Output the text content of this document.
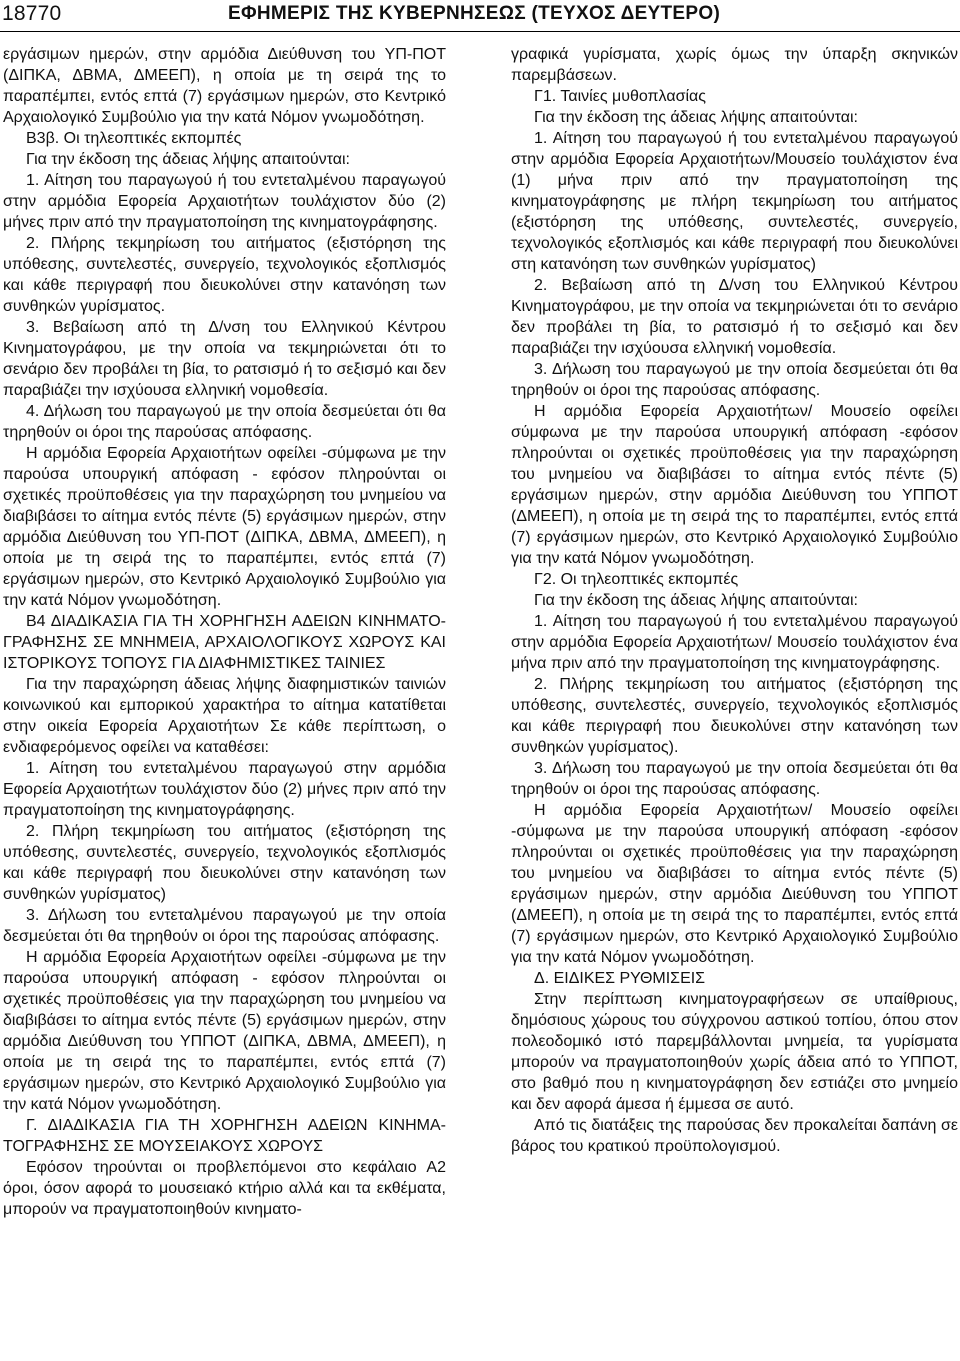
18770	ΕΦΗΜΕΡΙΣ ΤΗΣ ΚΥΒΕΡΝΗΣΕΩΣ (ΤΕΥΧΟΣ ΔΕΥΤΕΡΟ)

εργάσιμων ημερών, στην αρμόδια Διεύθυνση του ΥΠ-ΠΟΤ (ΔΙΠΚΑ, ΔΒΜΑ, ΔΜΕΕΠ), η οποία με τη σειρά της το παραπέμπει, εντός επτά (7) εργάσιμων ημερών, στο Κεντρικό Αρχαιολογικό Συμβούλιο για την κατά Νόμον γνωμοδότηση.

Β3β. Οι τηλεοπτικές εκπομπές

Για την έκδοση της άδειας λήψης απαιτούνται:

1. Αίτηση του παραγωγού ή του εντεταλμένου παραγωγού στην αρμόδια Εφορεία Αρχαιοτήτων τουλάχιστον δύο (2) μήνες πριν από την πραγματοποίηση της κινηματογράφησης.

2. Πλήρης τεκμηρίωση του αιτήματος (εξιστόρηση της υπόθεσης, συντελεστές, συνεργείο, τεχνολογικός εξοπλισμός και κάθε περιγραφή που διευκολύνει στην κατανόηση των συνθηκών γυρίσματος.

3. Βεβαίωση από τη Δ/νση του Ελληνικού Κέντρου Κινηματογράφου, με την οποία να τεκμηριώνεται ότι το σενάριο δεν προβάλει τη βία, το ρατσισμό ή το σεξισμό και δεν παραβιάζει την ισχύουσα ελληνική νομοθεσία.

4. Δήλωση του παραγωγού με την οποία δεσμεύεται ότι θα τηρηθούν οι όροι της παρούσας απόφασης.

Η αρμόδια Εφορεία Αρχαιοτήτων οφείλει -σύμφωνα με την παρούσα υπουργική απόφαση - εφόσον πληρούνται οι σχετικές προϋποθέσεις για την παραχώρηση του μνημείου να διαβιβάσει το αίτημα εντός πέντε (5) εργάσιμων ημερών, στην αρμόδια Διεύθυνση του ΥΠ-ΠΟΤ (ΔΙΠΚΑ, ΔΒΜΑ, ΔΜΕΕΠ), η οποία με τη σειρά της το παραπέμπει, εντός επτά (7) εργάσιμων ημερών, στο Κεντρικό Αρχαιολογικό Συμβούλιο για την κατά Νόμον γνωμοδότηση.

Β4 ΔΙΑΔΙΚΑΣΙΑ ΓΙΑ ΤΗ ΧΟΡΗΓΗΣΗ ΑΔΕΙΩΝ ΚΙΝΗΜΑΤΟ-ΓΡΑΦΗΣΗΣ ΣΕ ΜΝΗΜΕΙΑ, ΑΡΧΑΙΟΛΟΓΙΚΟΥΣ ΧΩΡΟΥΣ ΚΑΙ ΙΣΤΟΡΙΚΟΥΣ ΤΟΠΟΥΣ ΓΙΑ ΔΙΑΦΗΜΙΣΤΙΚΕΣ ΤΑΙΝΙΕΣ

Για την παραχώρηση άδειας λήψης διαφημιστικών ταινιών κοινωνικού και εμπορικού χαρακτήρα το αίτημα κατατίθεται στην οικεία Εφορεία Αρχαιοτήτων Σε κάθε περίπτωση, ο ενδιαφερόμενος οφείλει να καταθέσει:

1. Αίτηση του εντεταλμένου παραγωγού στην αρμόδια Εφορεία Αρχαιοτήτων τουλάχιστον δύο (2) μήνες πριν από την πραγματοποίηση της κινηματογράφησης.

2. Πλήρη τεκμηρίωση του αιτήματος (εξιστόρηση της υπόθεσης, συντελεστές, συνεργείο, τεχνολογικός εξοπλισμός και κάθε περιγραφή που διευκολύνει στην κατανόηση των συνθηκών γυρίσματος)

3. Δήλωση του εντεταλμένου παραγωγού με την οποία δεσμεύεται ότι θα τηρηθούν οι όροι της παρούσας απόφασης.

Η αρμόδια Εφορεία Αρχαιοτήτων οφείλει -σύμφωνα με την παρούσα υπουργική απόφαση - εφόσον πληρούνται οι σχετικές προϋποθέσεις για την παραχώρηση του μνημείου να διαβιβάσει το αίτημα εντός πέντε (5) εργάσιμων ημερών, στην αρμόδια Διεύθυνση του ΥΠΠΟΤ (ΔΙΠΚΑ, ΔΒΜΑ, ΔΜΕΕΠ), η οποία με τη σειρά της το παραπέμπει, εντός επτά (7) εργάσιμων ημερών, στο Κεντρικό Αρχαιολογικό Συμβούλιο για την κατά Νόμον γνωμοδότηση.

Γ. ΔΙΑΔΙΚΑΣΙΑ ΓΙΑ ΤΗ ΧΟΡΗΓΗΣΗ ΑΔΕΙΩΝ ΚΙΝΗΜΑ-ΤΟΓΡΑΦΗΣΗΣ ΣΕ ΜΟΥΣΕΙΑΚΟΥΣ ΧΩΡΟΥΣ

Εφόσον τηρούνται οι προβλεπόμενοι στο κεφάλαιο Α2 όροι, όσον αφορά το μουσειακό κτήριο αλλά και τα εκθέματα, μπορούν να πραγματοποιηθούν κινηματο-

γραφικά γυρίσματα, χωρίς όμως την ύπαρξη σκηνικών παρεμβάσεων.

Γ1. Ταινίες μυθοπλασίας

Για την έκδοση της άδειας λήψης απαιτούνται:

1. Αίτηση του παραγωγού ή του εντεταλμένου παραγωγού στην αρμόδια Εφορεία Αρχαιοτήτων/Μουσείο τουλάχιστον ένα (1) μήνα πριν από την πραγματοποίηση της κινηματογράφησης με πλήρη τεκμηρίωση του αιτήματος (εξιστόρηση της υπόθεσης, συντελεστές, συνεργείο, τεχνολογικός εξοπλισμός και κάθε περιγραφή που διευκολύνει στη κατανόηση των συνθηκών γυρίσματος)

2. Βεβαίωση από τη Δ/νση του Ελληνικού Κέντρου Κινηματογράφου, με την οποία να τεκμηριώνεται ότι το σενάριο δεν προβάλει τη βία, το ρατσισμό ή το σεξισμό και δεν παραβιάζει την ισχύουσα ελληνική νομοθεσία.

3. Δήλωση του παραγωγού με την οποία δεσμεύεται ότι θα τηρηθούν οι όροι της παρούσας απόφασης.

Η αρμόδια Εφορεία Αρχαιοτήτων/ Μουσείο οφείλει σύμφωνα με την παρούσα υπουργική απόφαση -εφόσον πληρούνται οι σχετικές προϋποθέσεις για την παραχώρηση του μνημείου να διαβιβάσει το αίτημα εντός πέντε (5) εργάσιμων ημερών, στην αρμόδια Διεύθυνση του ΥΠΠΟΤ (ΔΜΕΕΠ), η οποία με τη σειρά της το παραπέμπει, εντός επτά (7) εργάσιμων ημερών, στο Κεντρικό Αρχαιολογικό Συμβούλιο για την κατά Νόμον γνωμοδότηση.

Γ2. Οι τηλεοπτικές εκπομπές

Για την έκδοση της άδειας λήψης απαιτούνται:

1. Αίτηση του παραγωγού ή του εντεταλμένου παραγωγού στην αρμόδια Εφορεία Αρχαιοτήτων/ Μουσείο τουλάχιστον ένα μήνα πριν από την πραγματοποίηση της κινηματογράφησης.

2. Πλήρης τεκμηρίωση του αιτήματος (εξιστόρηση της υπόθεσης, συντελεστές, συνεργείο, τεχνολογικός εξοπλισμός και κάθε περιγραφή που διευκολύνει στην κατανόηση των συνθηκών γυρίσματος).

3. Δήλωση του παραγωγού με την οποία δεσμεύεται ότι θα τηρηθούν οι όροι της παρούσας απόφασης.

Η αρμόδια Εφορεία Αρχαιοτήτων/ Μουσείο οφείλει -σύμφωνα με την παρούσα υπουργική απόφαση -εφόσον πληρούνται οι σχετικές προϋποθέσεις για την παραχώρηση του μνημείου να διαβιβάσει το αίτημα εντός πέντε (5) εργάσιμων ημερών, στην αρμόδια Διεύθυνση του ΥΠΠΟΤ (ΔΜΕΕΠ), η οποία με τη σειρά της το παραπέμπει, εντός επτά (7) εργάσιμων ημερών, στο Κεντρικό Αρχαιολογικό Συμβούλιο για την κατά Νόμον γνωμοδότηση.

Δ. ΕΙΔΙΚΕΣ ΡΥΘΜΙΣΕΙΣ

Στην περίπτωση κινηματογραφήσεων σε υπαίθριους, δημόσιους χώρους του σύγχρονου αστικού τοπίου, όπου στον πολεοδομικό ιστό παρεμβάλλονται μνημεία, τα γυρίσματα μπορούν να πραγματοποιηθούν χωρίς άδεια από το ΥΠΠΟΤ, στο βαθμό που η κινηματογράφηση δεν εστιάζει στο μνημείο και δεν αφορά άμεσα ή έμμεσα σε αυτό.

Από τις διατάξεις της παρούσας δεν προκαλείται δαπάνη σε βάρος του κρατικού προϋπολογισμού.
